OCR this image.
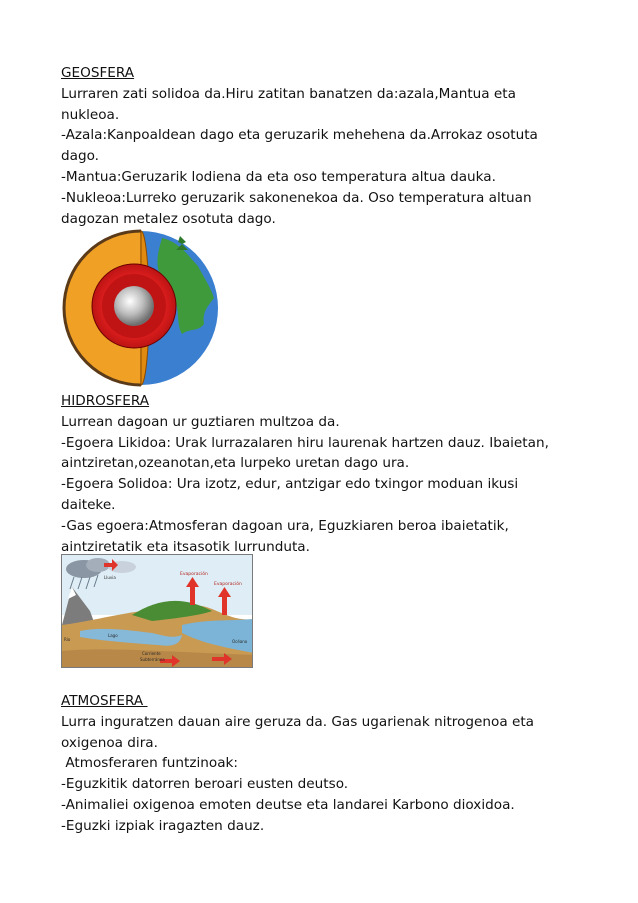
GEOSFERA

Lurraren zati solidoa da.Hiru zatitan banatzen da:azala,Mantua eta

nukleoa.

-Azala:Kanpoaldean dago eta geruzarik mehehena da.Arrokaz osotuta

dago.

-Mantua:Geruzarik lodiena da eta oso temperatura altua dauka.

-Nukleoa:Lurreko geruzarik sakonenekoa da. Oso temperatura altuan

dagozan metalez osotuta dago.

HIDROSFERA

Lurrean dagoan ur guztiaren multzoa da.

-Egoera Likidoa: Urak lurrazalaren hiru laurenak hartzen dauz. Ibaietan,

aintziretan,ozeanotan,eta lurpeko uretan dago ura.

-Egoera Solidoa: Ura izotz, edur, antzigar edo txingor moduan ikusi

daiteke.

-Gas egoera:Atmosferan dagoan ura, Eguzkiaren beroa ibaietatik,

aintziretatik eta itsasotik lurrunduta.

Evaporación
Evaporación
Lluvia
Lago
Río	Océano
Corriente
Subterránea

ATMOSFERA

Lurra inguratzen dauan aire geruza da. Gas ugarienak nitrogenoa eta

oxigenoa dira.

Atmosferaren funtzinoak:

-Eguzkitik datorren beroari eusten deutso.

-Animaliei oxigenoa emoten deutse eta landarei Karbono dioxidoa.

-Eguzki izpiak iragazten dauz.
